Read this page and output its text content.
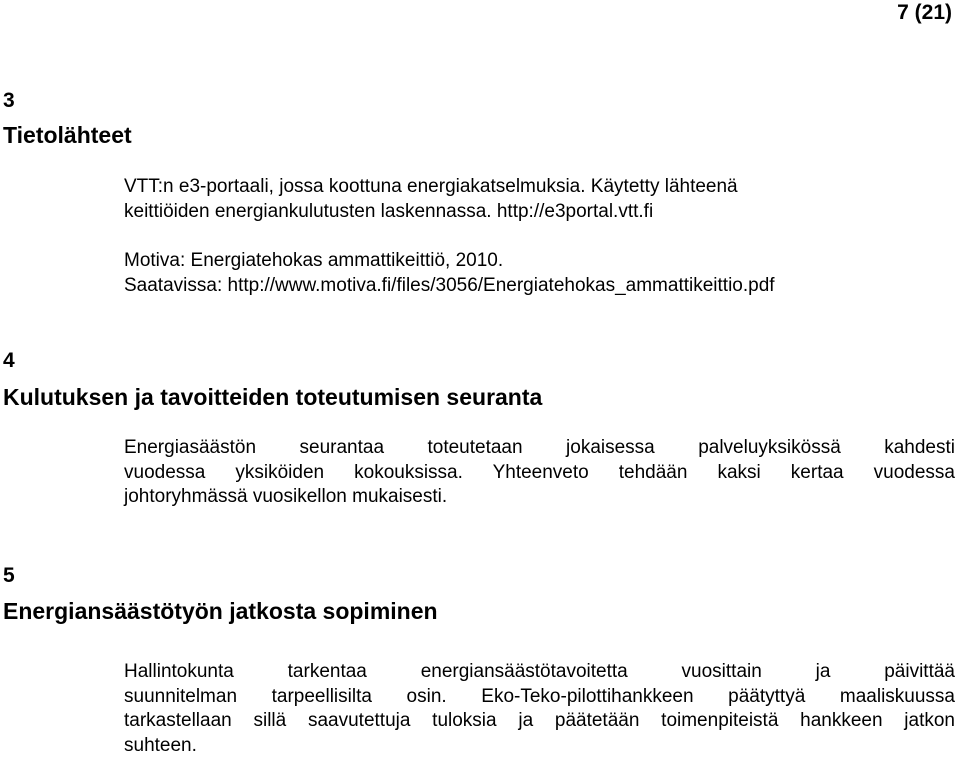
7 (21)
3
Tietolähteet
VTT:n e3-portaali, jossa koottuna energiakatselmuksia. Käytetty lähteenä
keittiöiden energiankulutusten laskennassa. http://e3portal.vtt.fi
Motiva: Energiatehokas ammattikeittiö, 2010.
Saatavissa: http://www.motiva.fi/files/3056/Energiatehokas_ammattikeittio.pdf
4
Kulutuksen ja tavoitteiden toteutumisen seuranta
Energiasäästön seurantaa toteutetaan jokaisessa palveluyksikössä kahdesti
vuodessa yksiköiden kokouksissa. Yhteenveto tehdään kaksi kertaa vuodessa
johtoryhmässä vuosikellon mukaisesti.
5
Energiansäästötyön jatkosta sopiminen
Hallintokunta tarkentaa energiansäästötavoitetta vuosittain ja päivittää
suunnitelman tarpeellisilta osin. Eko-Teko-pilottihankkeen päätyttyä maaliskuussa
tarkastellaan sillä saavutettuja tuloksia ja päätetään toimenpiteistä hankkeen jatkon
suhteen.
